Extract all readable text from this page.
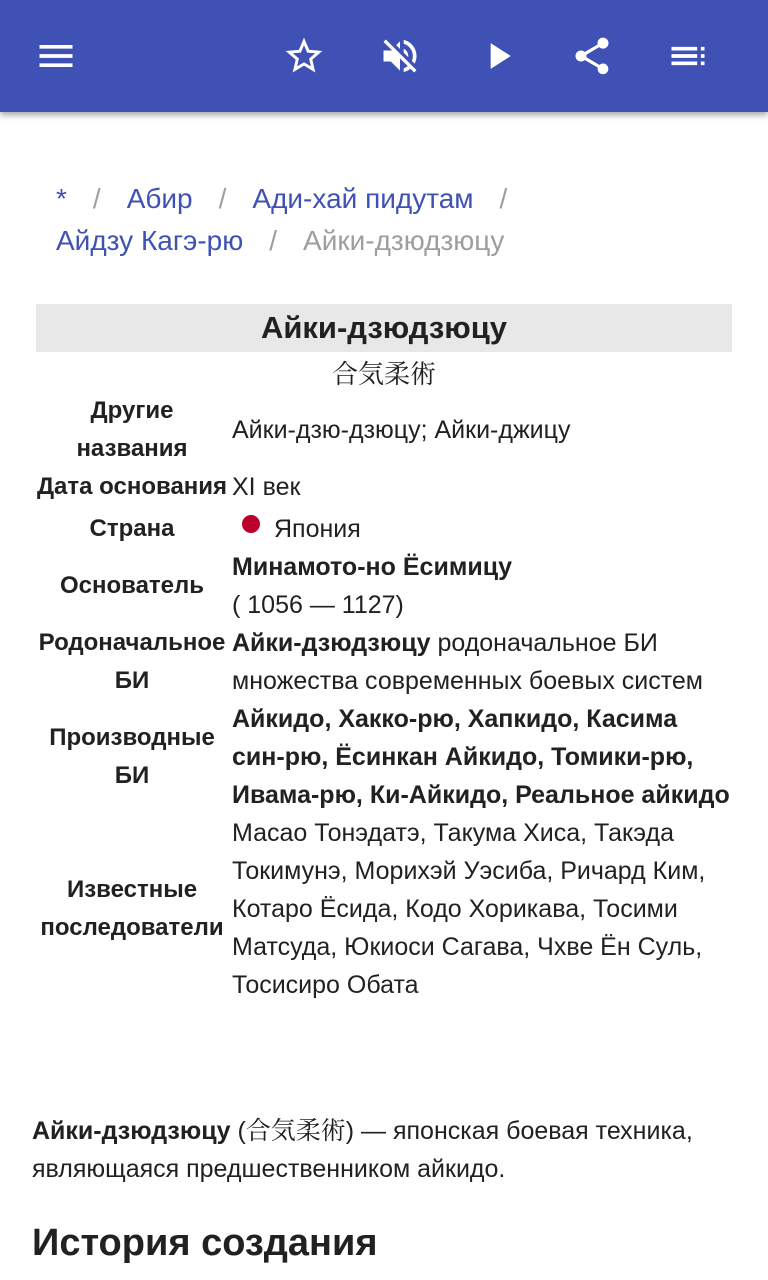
* / Абир / Ади-хай пидутам /
Айдзу Кагэ-рю / Айки-дзюдзюцу
Айки-дзюдзюцу
合気柔術
Другие названия
Айки-дзю-дзюцу; Айки-джицу
Дата основания XI век
Страна	Япония
Основатель
Минамото-но Ёсимицу
( 1056 — 1127)
Родоначальное БИ
Айки-дзюдзюцу родоначальное БИ множества современных боевых систем
Производные БИ
Айкидо, Хакко-рю, Хапкидо, Касима син-рю, Ёсинкан Айкидо, Томики-рю, Ивама-рю, Ки-Айкидо, Реальное айкидо
Известные последователи
Масао Тонэдатэ, Такума Хиса, Такэда Токимунэ, Морихэй Уэсиба, Ричард Ким, Котаро Ёсида, Кодо Хорикава, Тосими Матсуда, Юкиоси Сагава, Чхве Ён Суль, Тосисиро Обата
Айки-дзюдзюцу (合気柔術) — японская боевая техника, являющаяся предшественником айкидо.
История создания
